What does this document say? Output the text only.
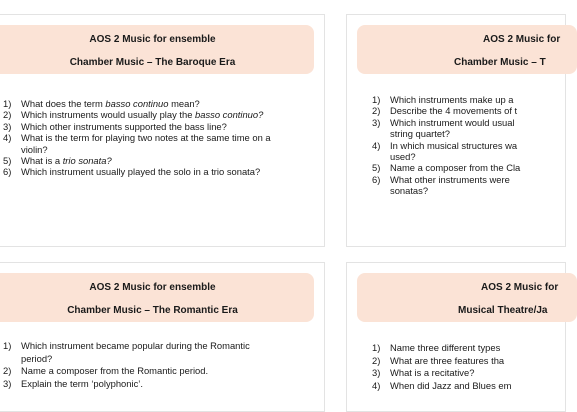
AOS 2 Music for ensemble
Chamber Music – The Baroque Era
1) What does the term basso continuo mean?
2) Which instruments would usually play the basso continuo?
3) Which other instruments supported the bass line?
4) What is the term for playing two notes at the same time on a
violin?
5) What is a trio sonata?
6) Which instrument usually played the solo in a trio sonata?
AOS 2 Music for
Chamber Music – T
1) Which instruments make up a
2) Describe the 4 movements of t
3) Which instrument would usual
string quartet?
4) In which musical structures wa
used?
5) Name a composer from the Cla
6) What other instruments were
sonatas?
AOS 2 Music for ensemble
Chamber Music – The Romantic Era
1) Which instrument became popular during the Romantic
period?
2) Name a composer from the Romantic period.
3) Explain the term ‘polyphonic’.
AOS 2 Music for
Musical Theatre/Ja
1) Name three different types
2) What are three features tha
3) What is a recitative?
4) When did Jazz and Blues em
